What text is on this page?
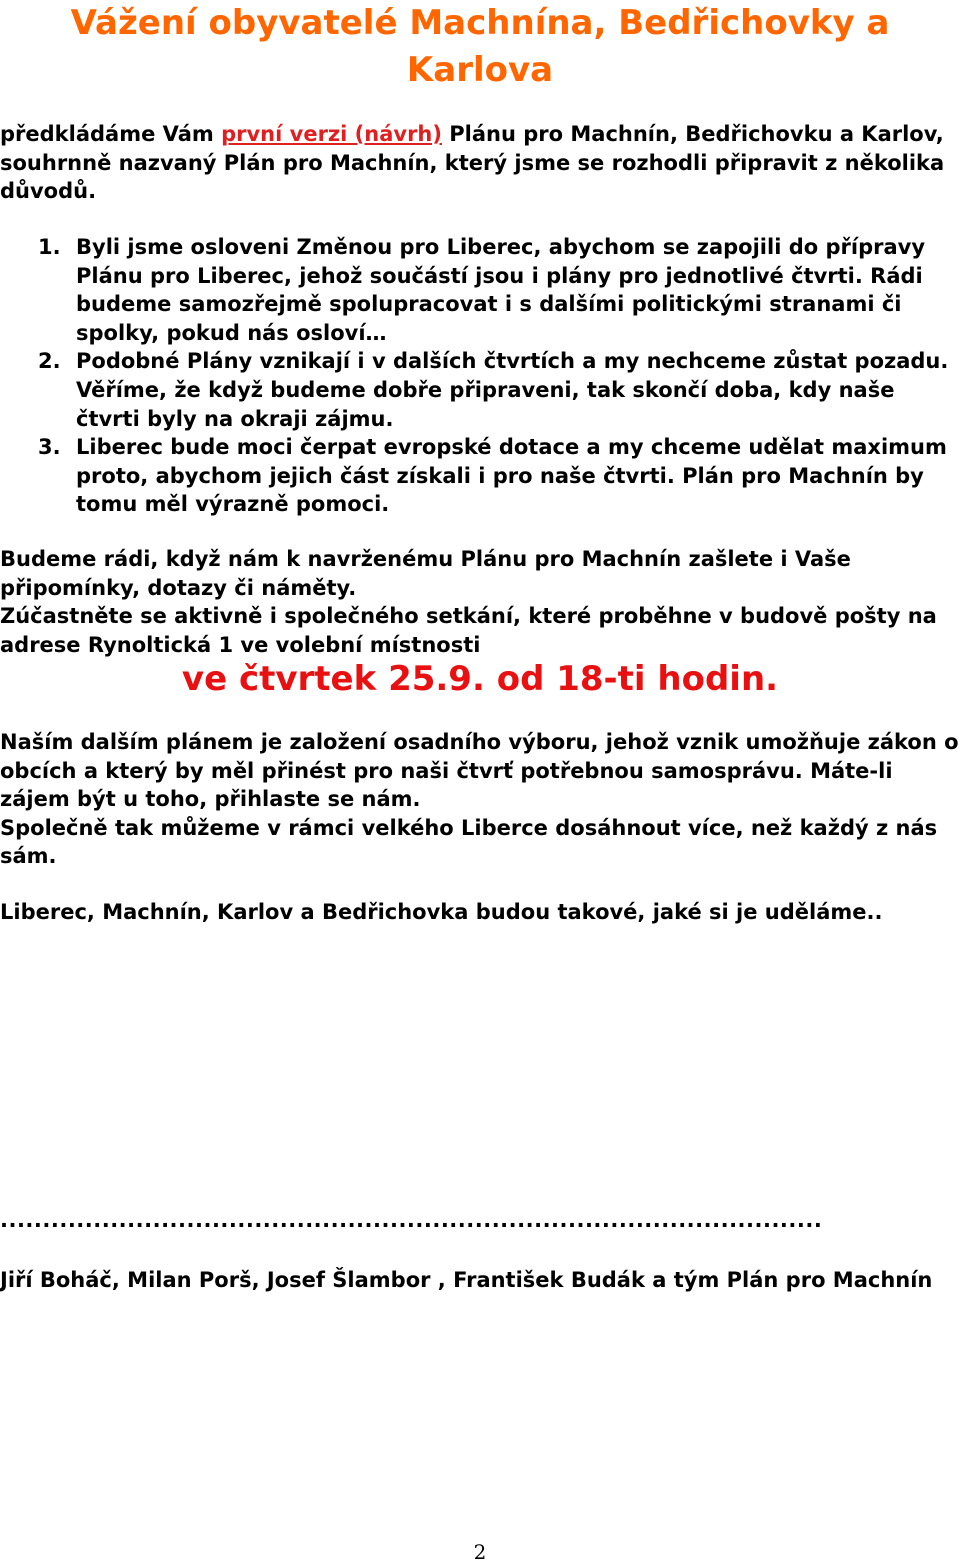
Vážení obyvatelé Machnína, Bedřichovky a Karlova

předkládáme Vám první verzi (návrh) Plánu pro Machnín, Bedřichovku a Karlov, souhrnně nazvaný Plán pro Machnín, který jsme se rozhodli připravit z několika důvodů.

1. Byli jsme osloveni Změnou pro Liberec, abychom se zapojili do přípravy Plánu pro Liberec, jehož součástí jsou i plány pro jednotlivé čtvrti. Rádi budeme samozřejmě spolupracovat i s dalšími politickými stranami či spolky, pokud nás osloví…
2. Podobné Plány vznikají i v dalších čtvrtích a my nechceme zůstat pozadu. Věříme, že když budeme dobře připraveni, tak skončí doba, kdy naše čtvrti byly na okraji zájmu.
3. Liberec bude moci čerpat evropské dotace a my chceme udělat maximum proto, abychom jejich část získali i pro naše čtvrti. Plán pro Machnín by tomu měl výrazně pomoci.
Budeme rádi, když nám k navrženému Plánu pro Machnín zašlete i Vaše připomínky, dotazy či náměty.
Zúčastněte se aktivně i společného setkání, které proběhne v budově pošty na adrese Rynoltická 1 ve volební místnosti
ve čtvrtek 25.9. od 18-ti hodin.
Naším dalším plánem je založení osadního výboru, jehož vznik umožňuje zákon o obcích a který by měl přinést pro naši čtvrť potřebnou samosprávu. Máte-li zájem být u toho, přihlaste se nám.
Společně tak můžeme v rámci velkého Liberce dosáhnout více, než každý z nás sám.
Liberec, Machnín, Karlov a Bedřichovka budou takové, jaké si je uděláme..
.................................................................................................
Jiří Boháč, Milan Porš, Josef Šlambor , František Budák a tým Plán pro Machnín
2
